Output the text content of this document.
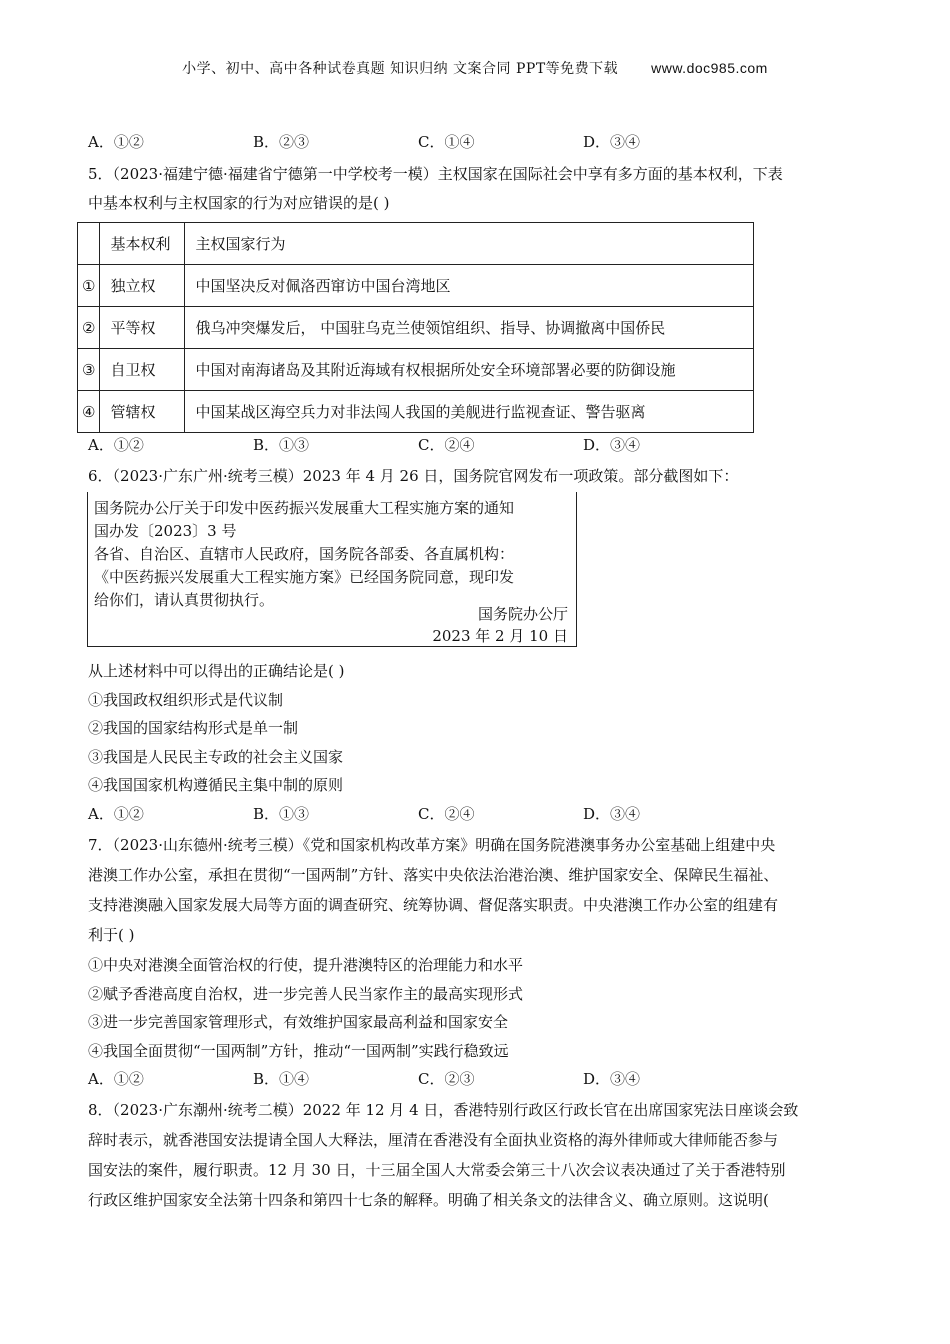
小学、初中、高中各种试卷真题 知识归纳 文案合同 PPT等免费下载 www.doc985.com
A．①②	B．②③	C．①④	D．③④
5．（2023·福建宁德·福建省宁德第一中学校考一模）主权国家在国际社会中享有多方面的基本权利，下表
中基本权利与主权国家的行为对应错误的是( )
	基本权利	主权国家行为
①	独立权	中国坚决反对佩洛西窜访中国台湾地区
②	平等权	俄乌冲突爆发后， 中国驻乌克兰使领馆组织、指导、协调撤离中国侨民
③	自卫权	中国对南海诸岛及其附近海域有权根据所处安全环境部署必要的防御设施
④	管辖权	中国某战区海空兵力对非法闯人我国的美舰进行监视查证、警告驱离
A．①②	B．①③	C．②④	D．③④
6．（2023·广东广州·统考三模）2023 年 4 月 26 日，国务院官网发布一项政策。部分截图如下：
国务院办公厅关于印发中医药振兴发展重大工程实施方案的通知
国办发〔2023〕3 号
各省、自治区、直辖市人民政府，国务院各部委、各直属机构：
《中医药振兴发展重大工程实施方案》已经国务院同意，现印发
给你们，请认真贯彻执行。
国务院办公厅
2023 年 2 月 10 日
从上述材料中可以得出的正确结论是( )
①我国政权组织形式是代议制
②我国的国家结构形式是单一制
③我国是人民民主专政的社会主义国家
④我国国家机构遵循民主集中制的原则
A．①②	B．①③	C．②④	D．③④
7．（2023·山东德州·统考三模）《党和国家机构改革方案》明确在国务院港澳事务办公室基础上组建中央
港澳工作办公室，承担在贯彻“一国两制”方针、落实中央依法治港治澳、维护国家安全、保障民生福祉、
支持港澳融入国家发展大局等方面的调查研究、统筹协调、督促落实职责。中央港澳工作办公室的组建有
利于( )
①中央对港澳全面管治权的行使，提升港澳特区的治理能力和水平
②赋予香港高度自治权，进一步完善人民当家作主的最高实现形式
③进一步完善国家管理形式，有效维护国家最高利益和国家安全
④我国全面贯彻“一国两制”方针，推动“一国两制”实践行稳致远
A．①②	B．①④	C．②③	D．③④
8．（2023·广东潮州·统考二模）2022 年 12 月 4 日，香港特别行政区行政长官在出席国家宪法日座谈会致
辞时表示，就香港国安法提请全国人大释法，厘清在香港没有全面执业资格的海外律师或大律师能否参与
国安法的案件，履行职责。12 月 30 日，十三届全国人大常委会第三十八次会议表决通过了关于香港特别
行政区维护国家安全法第十四条和第四十七条的解释。明确了相关条文的法律含义、确立原则。这说明(
